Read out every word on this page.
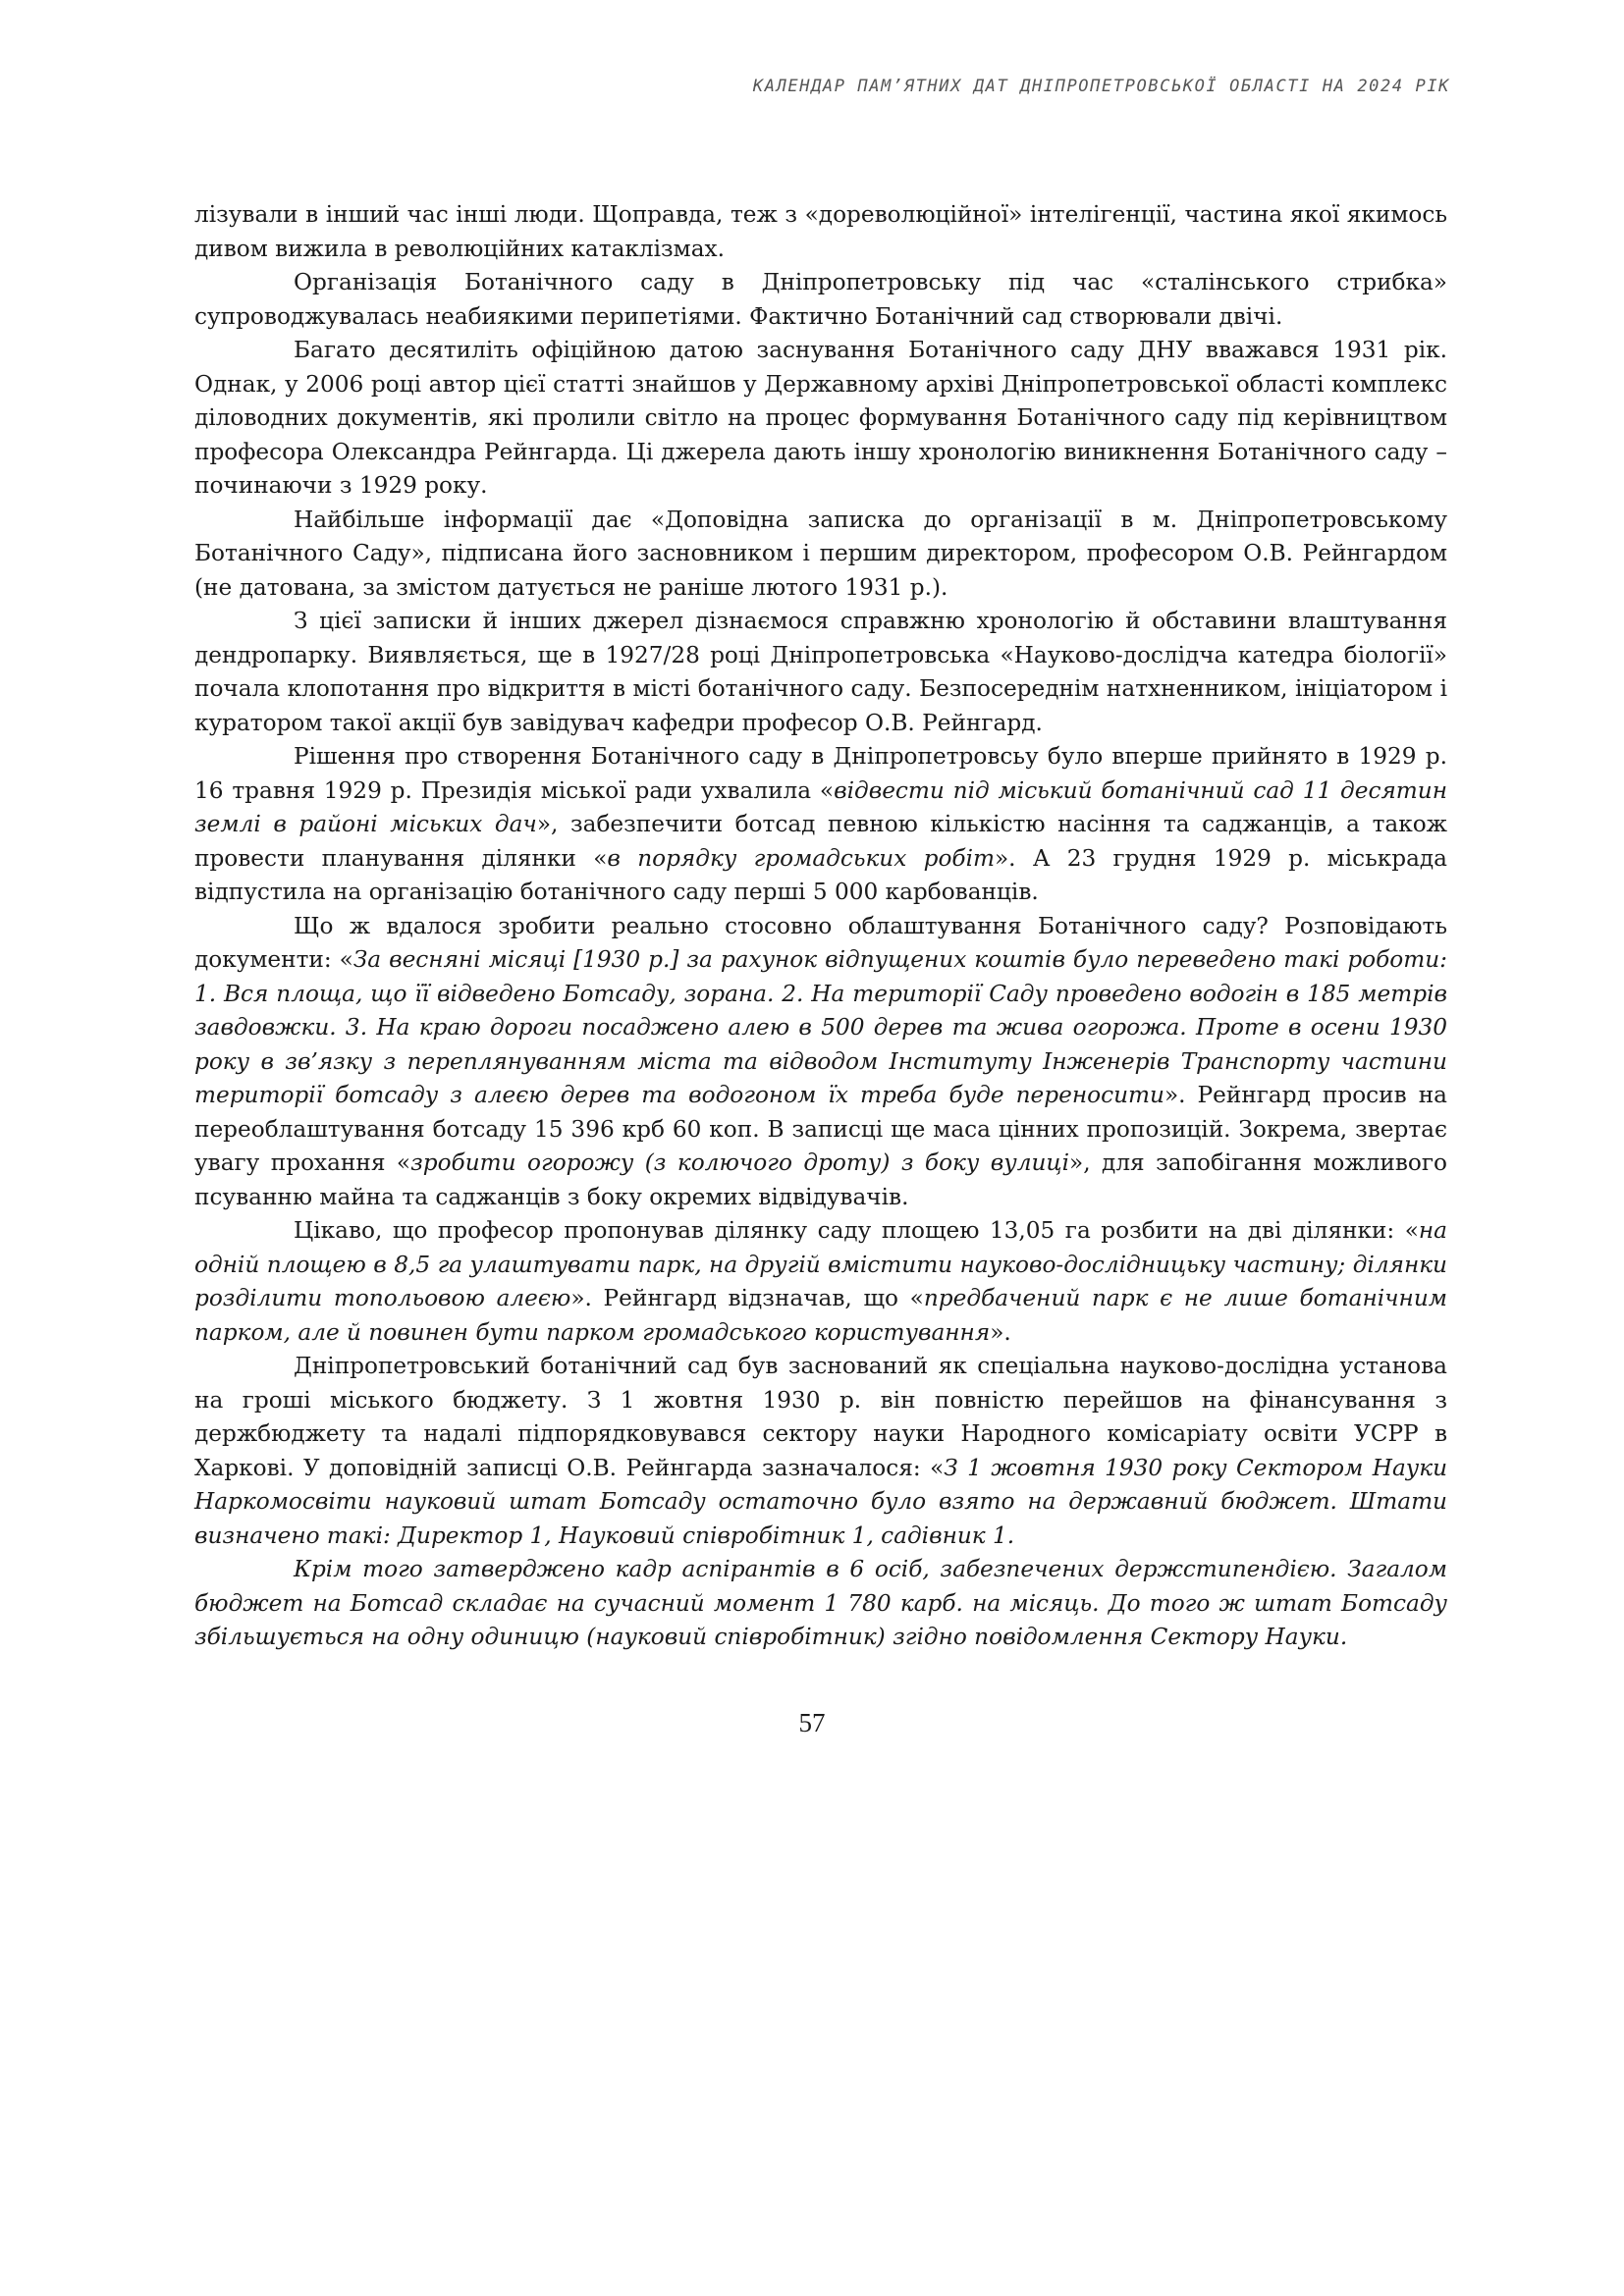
КАЛЕНДАР ПАМ’ЯТНИХ ДАТ ДНІПРОПЕТРОВСЬКОЇ ОБЛАСТІ НА 2024 РІК

лізували в інший час інші люди. Щоправда, теж з «дореволюційної» інтелігенції, частина якої якимось дивом вижила в революційних катаклізмах.

Організація Ботанічного саду в Дніпропетровську під час «сталінського стрибка» супроводжувалась неабиякими перипетіями. Фактично Ботанічний сад створювали двічі.

Багато десятиліть офіційною датою заснування Ботанічного саду ДНУ вважався 1931 рік. Однак, у 2006 році автор цієї статті знайшов у Державному архіві Дніпропетровської області комплекс діловодних документів, які пролили світло на процес формування Ботанічного саду під керівництвом професора Олександра Рейнгарда. Ці джерела дають іншу хронологію виникнення Ботанічного саду – починаючи з 1929 року.

Найбільше інформації дає «Доповідна записка до організації в м. Дніпропетровському Ботанічного Саду», підписана його засновником і першим директором, професором О.В. Рейнгардом (не датована, за змістом датується не раніше лютого 1931 р.).

З цієї записки й інших джерел дізнаємося справжню хронологію й обставини влаштування дендропарку. Виявляється, ще в 1927/28 році Дніпропетровська «Науково-дослідча катедра біології» почала клопотання про відкриття в місті ботанічного саду. Безпосереднім натхненником, ініціатором і куратором такої акції був завідувач кафедри професор О.В. Рейнгард.

Рішення про створення Ботанічного саду в Дніпропетровсьу було вперше прийнято в 1929 р. 16 травня 1929 р. Президія міської ради ухвалила «відвести під міський ботанічний сад 11 десятин землі в районі міських дач», забезпечити ботсад певною кількістю насіння та саджанців, а також провести планування ділянки «в порядку громадських робіт». А 23 грудня 1929 р. міськрада відпустила на організацію ботанічного саду перші 5 000 карбованців.

Що ж вдалося зробити реально стосовно облаштування Ботанічного саду? Розповідають документи: «За весняні місяці [1930 р.] за рахунок відпущених коштів було переведено такі роботи: 1. Вся площа, що її відведено Ботсаду, зорана. 2. На території Саду проведено водогін в 185 метрів завдовжки. 3. На краю дороги посаджено алею в 500 дерев та жива огорожа. Проте в осени 1930 року в зв’язку з переплянуванням міста та відводом Інституту Інженерів Транспорту частини території ботсаду з алеєю дерев та водогоном їх треба буде переносити». Рейнгард просив на переоблаштування ботсаду 15 396 крб 60 коп. В записці ще маса цінних пропозицій. Зокрема, звертає увагу прохання «зробити огорожу (з колючого дроту) з боку вулиці», для запобігання можливого псуванню майна та саджанців з боку окремих відвідувачів.

Цікаво, що професор пропонував ділянку саду площею 13,05 га розбити на дві ділянки: «на одній площею в 8,5 га улаштувати парк, на другій вмістити науково-дослідницьку частину; ділянки розділити топольовою алеєю». Рейнгард відзначав, що «предбачений парк є не лише ботанічним парком, але й повинен бути парком громадського користування».

Дніпропетровський ботанічний сад був заснований як спеціальна науково-дослідна установа на гроші міського бюджету. З 1 жовтня 1930 р. він повністю перейшов на фінансування з держбюджету та надалі підпорядковувався сектору науки Народного комісаріату освіти УСРР в Харкові. У доповідній записці О.В. Рейнгарда зазначалося: «З 1 жовтня 1930 року Сектором Науки Наркомосвіти науковий штат Ботсаду остаточно було взято на державний бюджет. Штати визначено такі: Директор 1, Науковий співробітник 1, садівник 1.

Крім того затверджено кадр аспірантів в 6 осіб, забезпечених держстипендією. Загалом бюджет на Ботсад складає на сучасний момент 1 780 карб. на місяць. До того ж штат Ботсаду збільшується на одну одиницю (науковий співробітник) згідно повідомлення Сектору Науки.

57
